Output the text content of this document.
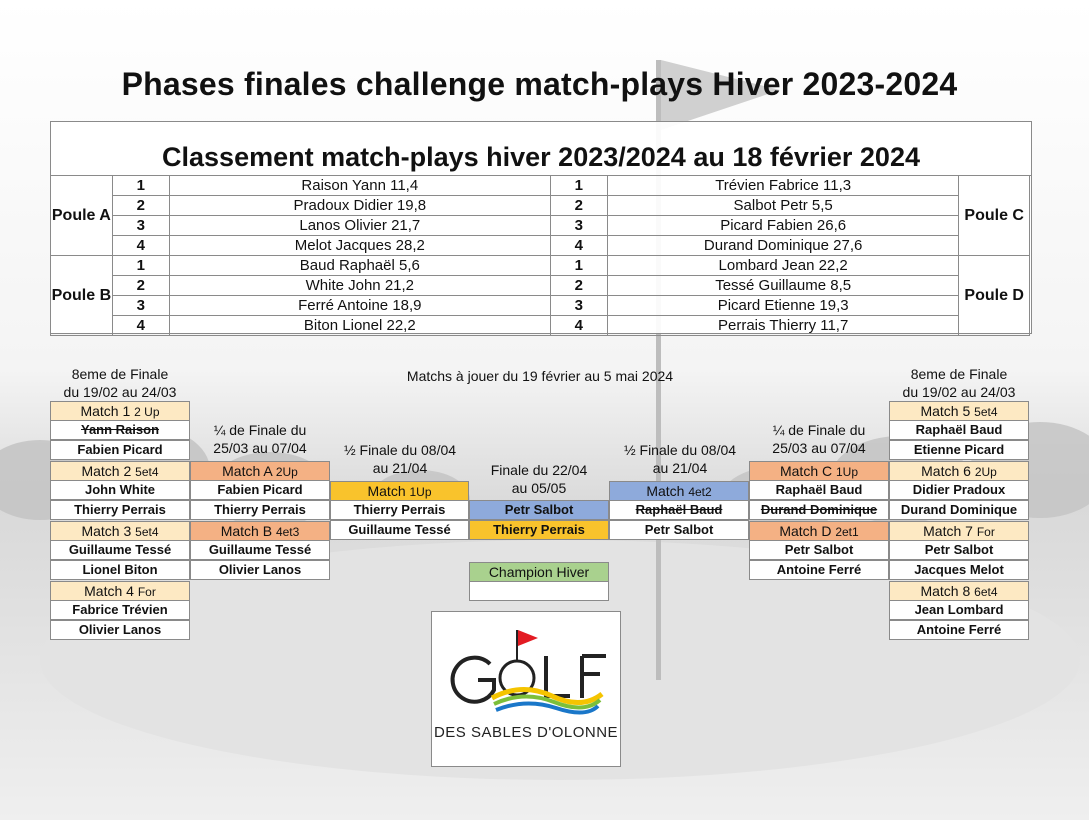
Phases finales challenge match-plays Hiver 2023-2024
Classement match-plays hiver 2023/2024 au 18 février 2024
Poule A	1	Raison Yann 11,4	1	Trévien Fabrice 11,3	Poule C
	2	Pradoux Didier 19,8	2	Salbot Petr 5,5	
	3	Lanos Olivier 21,7	3	Picard Fabien 26,6	
	4	Melot Jacques 28,2	4	Durand Dominique 27,6	
Poule B	1	Baud Raphaël 5,6	1	Lombard Jean 22,2	Poule D
	2	White John 21,2	2	Tessé Guillaume 8,5	
	3	Ferré Antoine 18,9	3	Picard Etienne 19,3	
	4	Biton Lionel 22,2	4	Perrais Thierry 11,7	
8eme de Finale
du 19/02 au 24/03
8eme de Finale
du 19/02 au 24/03
¼ de Finale du
25/03 au 07/04
¼ de Finale du
25/03 au 07/04
½ Finale du 08/04
au 21/04
½ Finale du 08/04
au 21/04
Finale du 22/04
au 05/05
Matchs à jouer du 19 février au 5 mai 2024
Match 1 2 Up
Yann Raison
Fabien Picard
Match 2 5et4
John White
Thierry Perrais
Match 3 5et4
Guillaume Tessé
Lionel Biton
Match 4 For
Fabrice Trévien
Olivier Lanos
Match A 2Up
Fabien Picard
Thierry Perrais
Match B 4et3
Guillaume Tessé
Olivier Lanos
Match 1Up
Thierry Perrais
Guillaume Tessé
Petr Salbot
Thierry Perrais
Champion Hiver
Match 4et2
Raphaël Baud
Petr Salbot
Match C 1Up
Raphaël Baud
Durand Dominique
Match D 2et1
Petr Salbot
Antoine Ferré
Match 5 5et4
Raphaël Baud
Etienne Picard
Match 6 2Up
Didier Pradoux
Durand Dominique
Match 7 For
Petr Salbot
Jacques Melot
Match 8 6et4
Jean Lombard
Antoine Ferré
DES SABLES D'OLONNE
